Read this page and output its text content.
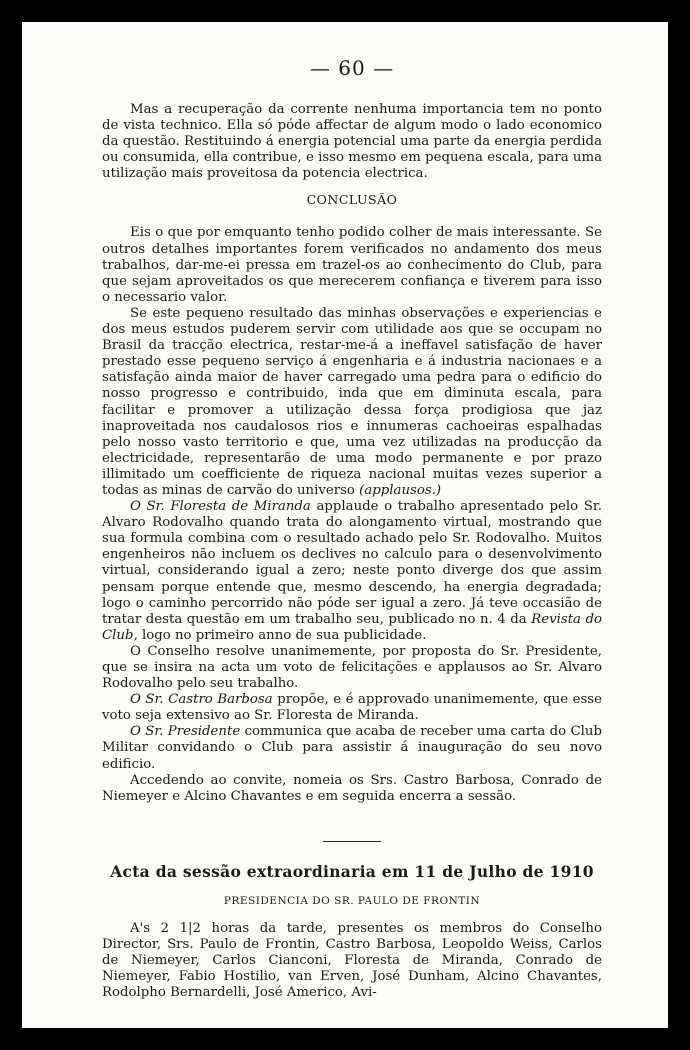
— 60 —

Mas a recuperação da corrente nenhuma importancia tem no ponto de vista technico. Ella só póde affectar de algum modo o lado economico da questão. Restituindo á energia potencial uma parte da energia perdida ou consumida, ella contribue, e isso mesmo em pequena escala, para uma utilização mais proveitosa da potencia electrica.

CONCLUSÃO

Eis o que por emquanto tenho podido colher de mais interessante. Se outros detalhes importantes forem verificados no andamento dos meus trabalhos, dar-me-ei pressa em trazel-os ao conhecimento do Club, para que sejam aproveitados os que merecerem confiança e tiverem para isso o necessario valor.

Se este pequeno resultado das minhas observações e experiencias e dos meus estudos puderem servir com utilidade aos que se occupam no Brasil da tracção electrica, restar-me-á a ineffavel satisfação de haver prestado esse pequeno serviço á engenharia e á industria nacionaes e a satisfação ainda maior de haver carregado uma pedra para o edificio do nosso progresso e contribuido, inda que em diminuta escala, para facilitar e promover a utilização dessa força prodigiosa que jaz inaproveitada nos caudalosos rios e innumeras cachoeiras espalhadas pelo nosso vasto territorio e que, uma vez utilizadas na producção da electricidade, representarão de uma modo permanente e por prazo illimitado um coefficiente de riqueza nacional muitas vezes superior a todas as minas de carvão do universo (applausos.)

O Sr. Floresta de Miranda applaude o trabalho apresentado pelo Sr. Alvaro Rodovalho quando trata do alongamento virtual, mostrando que sua formula combina com o resultado achado pelo Sr. Rodovalho. Muitos engenheiros não incluem os declives no calculo para o desenvolvimento virtual, considerando igual a zero; neste ponto diverge dos que assim pensam porque entende que, mesmo descendo, ha energia degradada; logo o caminho percorrido não póde ser igual a zero. Já teve occasião de tratar desta questão em um trabalho seu, publicado no n. 4 da Revista do Club, logo no primeiro anno de sua publicidade.

O Conselho resolve unanimemente, por proposta do Sr. Presidente, que se insira na acta um voto de felicitações e applausos ao Sr. Alvaro Rodovalho pelo seu trabalho.

O Sr. Castro Barbosa propõe, e é approvado unanimemente, que esse voto seja extensivo ao Sr. Floresta de Miranda.

O Sr. Presidente communica que acaba de receber uma carta do Club Militar convidando o Club para assistir á inauguração do seu novo edificio.

Accedendo ao convite, nomeia os Srs. Castro Barbosa, Conrado de Niemeyer e Alcino Chavantes e em seguida encerra a sessão.

Acta da sessão extraordinaria em 11 de Julho de 1910
PRESIDENCIA DO SR. PAULO DE FRONTIN

A's 2 1|2 horas da tarde, presentes os membros do Conselho Director, Srs. Paulo de Frontin, Castro Barbosa, Leopoldo Weiss, Carlos de Niemeyer, Carlos Cianconi, Floresta de Miranda, Conrado de Niemeyer, Fabio Hostilio, van Erven, José Dunham, Alcino Chavantes, Rodolpho Bernardelli, José Americo, Avi-
